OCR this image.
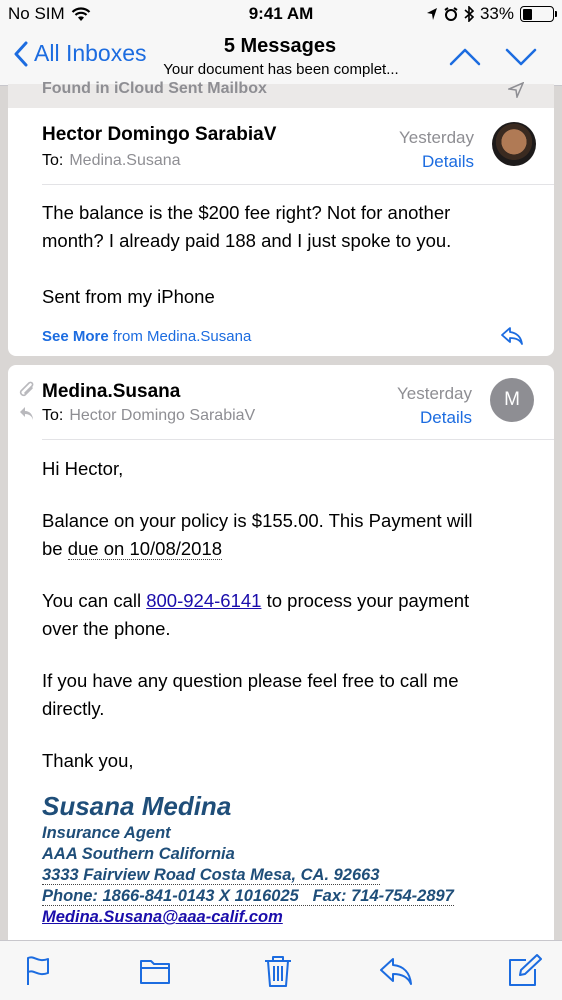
No SIM	9:41 AM	33%
All Inboxes	5 Messages
Your document has been complet...
Found in iCloud Sent Mailbox
Hector Domingo SarabiaV
To: Medina.Susana
Yesterday
Details
The balance is the $200 fee right? Not for another
month? I already paid 188 and I just spoke to you.
Sent from my iPhone
See More from Medina.Susana
Medina.Susana
To: Hector Domingo SarabiaV
Yesterday
Details
M
Hi Hector,
Balance on your policy is $155.00. This Payment will
be due on 10/08/2018
You can call 800-924-6141 to process your payment
over the phone.
If you have any question please feel free to call me
directly.
Thank you,
Susana Medina
Insurance Agent
AAA Southern California
3333 Fairview Road Costa Mesa, CA. 92663
Phone: 1866-841-0143 X 1016025   Fax: 714-754-2897
Medina.Susana@aaa-calif.com
